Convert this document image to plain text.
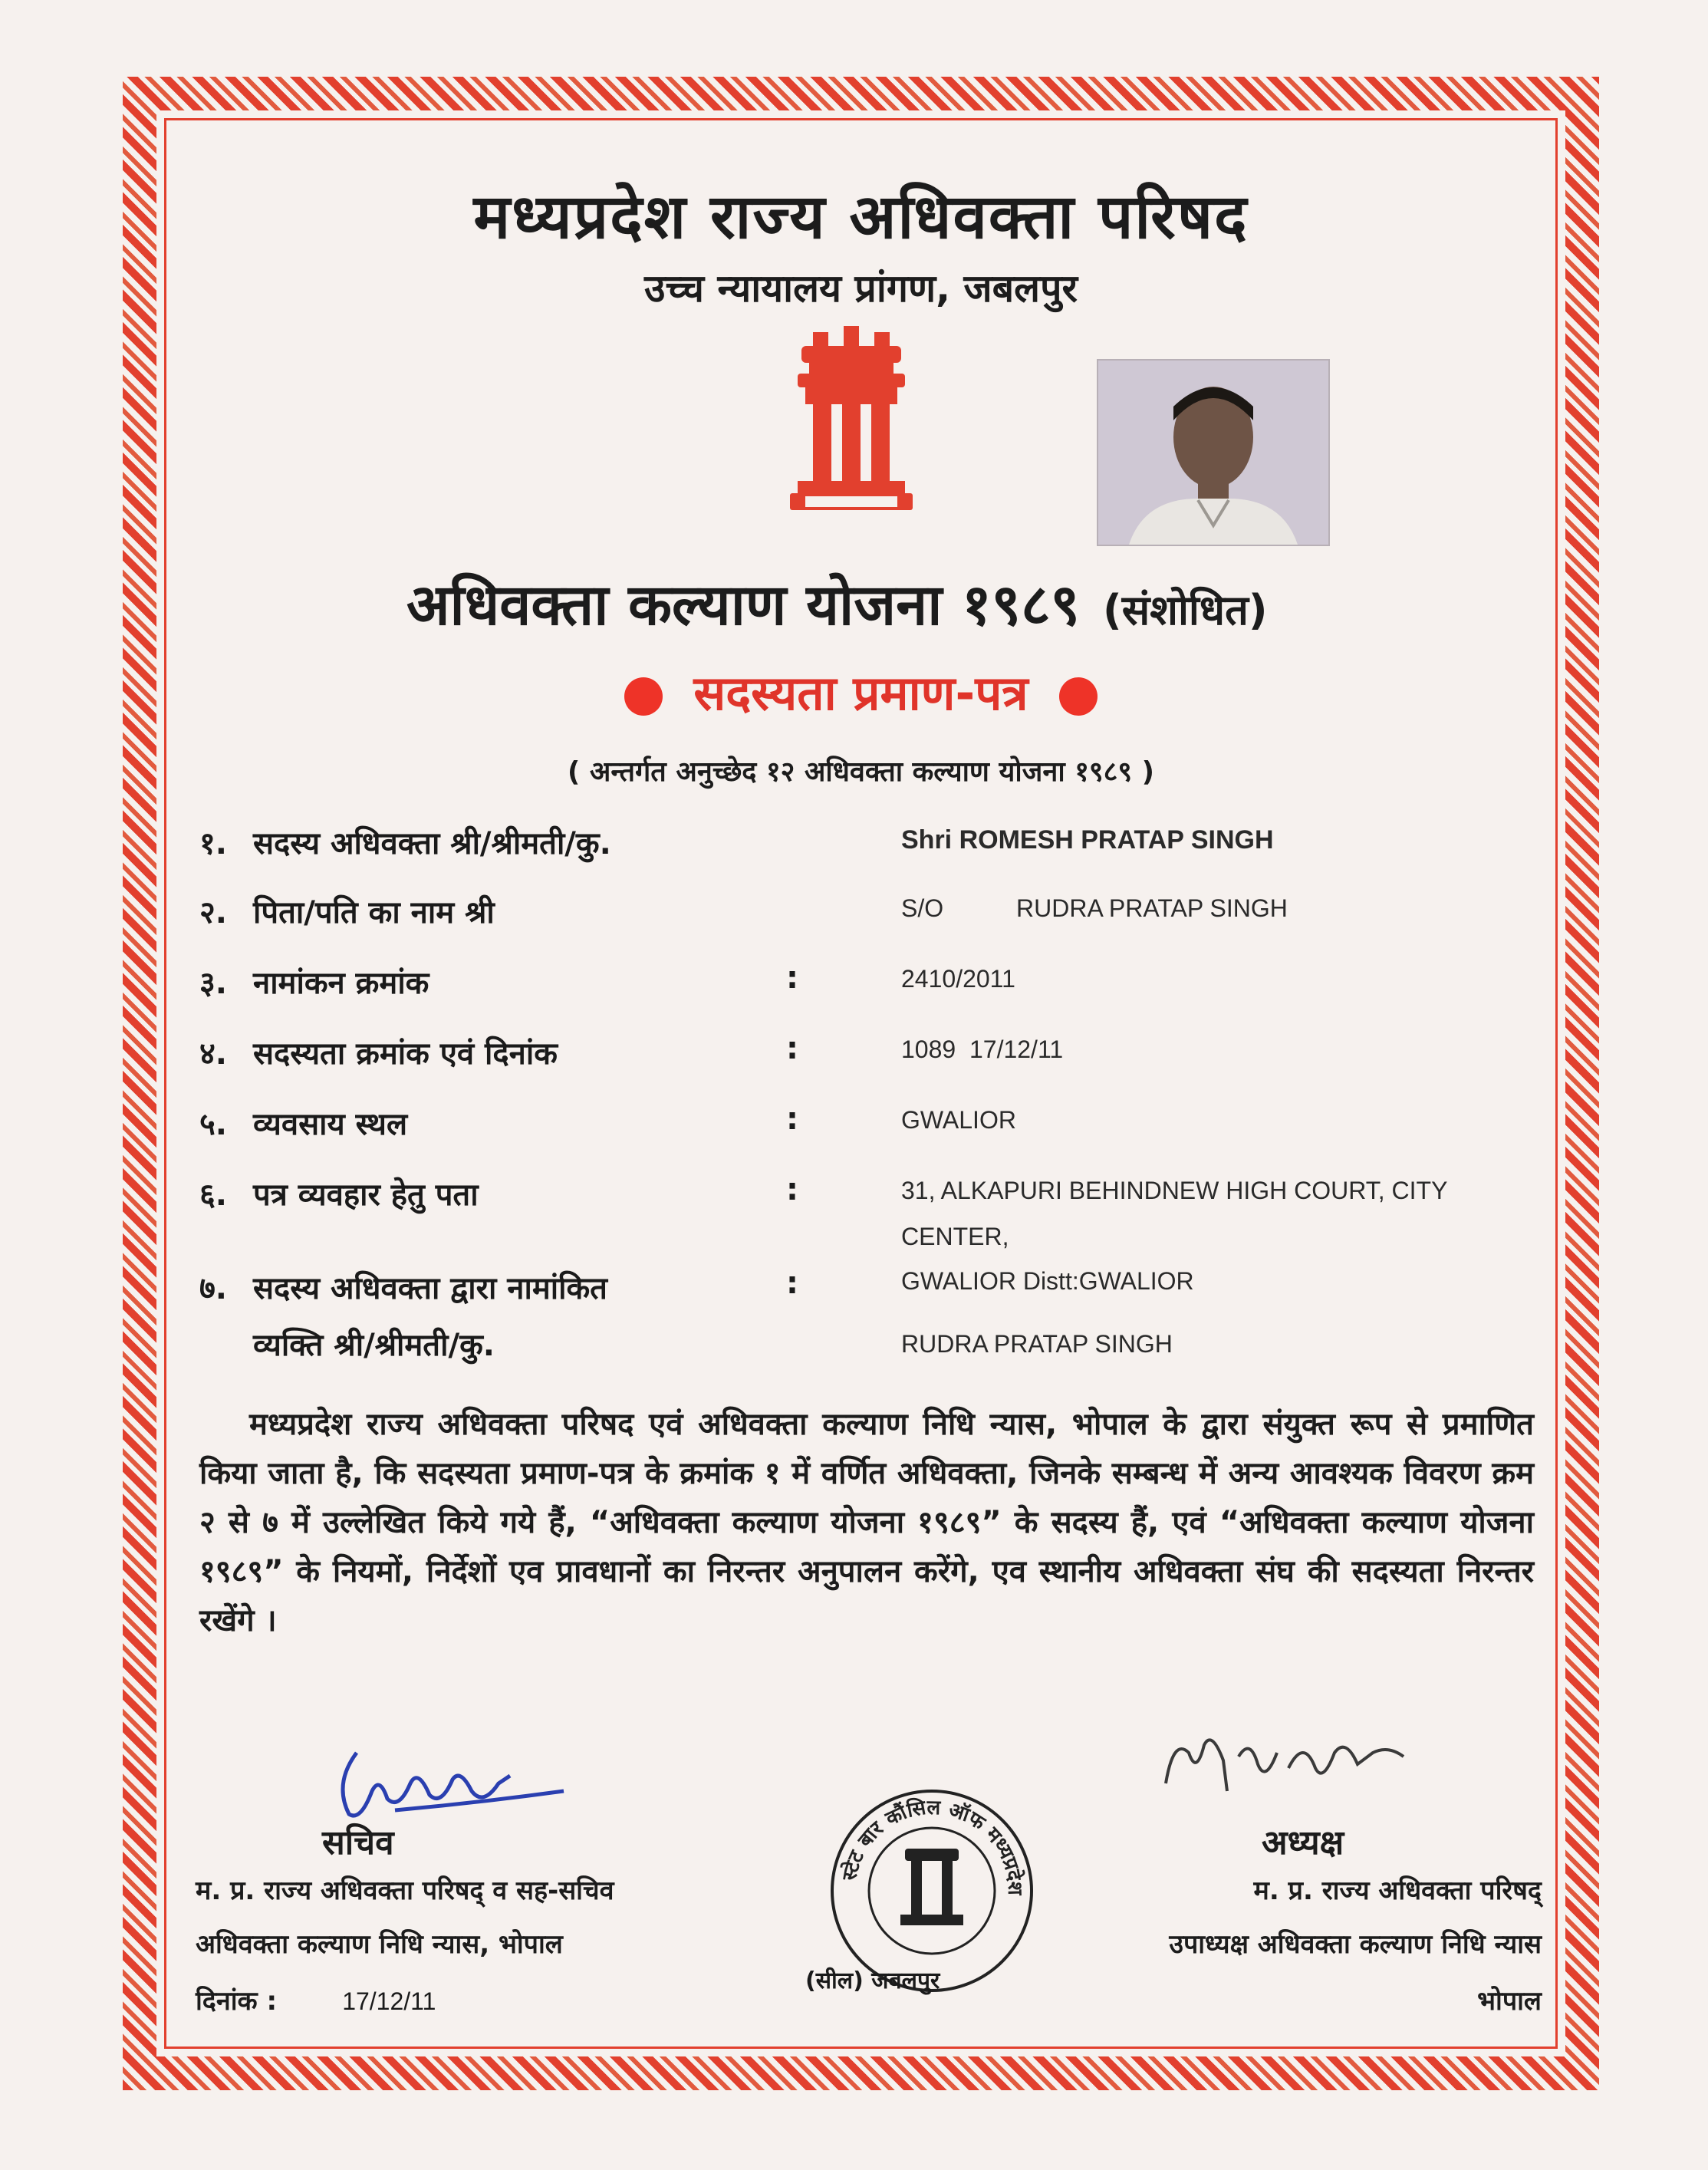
मध्यप्रदेश राज्य अधिवक्ता परिषद
उच्च न्यायालय प्रांगण, जबलपुर
अधिवक्ता कल्याण योजना १९८९ (संशोधित)
सदस्यता प्रमाण-पत्र
( अन्तर्गत अनुच्छेद १२ अधिवक्ता कल्याण योजना १९८९ )
१. सदस्य अधिवक्ता श्री/श्रीमती/कु.	Shri ROMESH PRATAP SINGH
२. पिता/पति का नाम श्री	S/O	RUDRA PRATAP SINGH
३. नामांकन क्रमांक	:	2410/2011
४. सदस्यता क्रमांक एवं दिनांक	:	1089  17/12/11
५. व्यवसाय स्थल	:	GWALIOR
६. पत्र व्यवहार हेतु पता	:	31, ALKAPURI BEHINDNEW HIGH COURT, CITY
CENTER,
GWALIOR Distt:GWALIOR
७. सदस्य अधिवक्ता द्वारा नामांकित	:
व्यक्ति श्री/श्रीमती/कु.	RUDRA PRATAP SINGH
मध्यप्रदेश राज्य अधिवक्ता परिषद एवं अधिवक्ता कल्याण निधि न्यास, भोपाल के द्वारा संयुक्त रूप से प्रमाणित किया जाता है, कि सदस्यता प्रमाण-पत्र के क्रमांक १ में वर्णित अधिवक्ता, जिनके सम्बन्ध में अन्य आवश्यक विवरण क्रम २ से ७ में उल्लेखित किये गये हैं, “अधिवक्ता कल्याण योजना १९८९” के सदस्य हैं, एवं “अधिवक्ता कल्याण योजना १९८९” के नियमों, निर्देशों एव प्रावधानों का निरन्तर अनुपालन करेंगे, एव स्थानीय अधिवक्ता संघ की सदस्यता निरन्तर रखेंगे ।
सचिव
म. प्र. राज्य अधिवक्ता परिषद् व सह-सचिव
अधिवक्ता कल्याण निधि न्यास, भोपाल
दिनांक :	17/12/11
स्टेट बार कौंसिल ऑफ मध्यप्रदेश
(सील) जबलपुर
अध्यक्ष
म. प्र. राज्य अधिवक्ता परिषद्
उपाध्यक्ष अधिवक्ता कल्याण निधि न्यास
भोपाल
